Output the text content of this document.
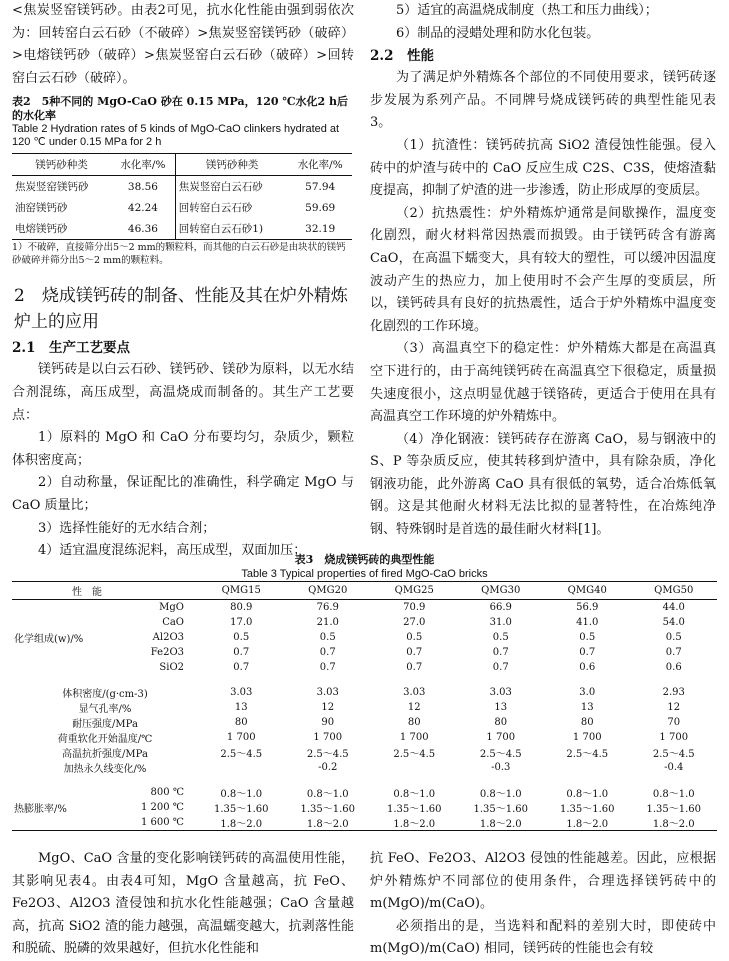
<焦炭竖窑镁钙砂。由表2可见，抗水化性能由强到弱依次为：回转窑白云石砂（不破碎）>焦炭竖窑镁钙砂（破碎）>电熔镁钙砂（破碎）>焦炭竖窑白云石砂（破碎）>回转窑白云石砂（破碎）。

表2　5种不同的 MgO-CaO 砂在 0.15 MPa，120 ℃水化2 h后的水化率
Table 2 Hydration rates of 5 kinds of MgO-CaO clinkers hydrated at 120 ℃ under 0.15 MPa for 2 h
镁钙砂种类	水化率/%	镁钙砂种类	水化率/%
焦炭竖窑镁钙砂	38.56	焦炭竖窑白云石砂	57.94
油窑镁钙砂	42.24	回转窑白云石砂	59.69
电熔镁钙砂	46.36	回转窑白云石砂1)	32.19
1）不破碎，直接筛分出5～2 mm的颗粒料，而其他的白云石砂是由块状的镁钙砂破碎并筛分出5～2 mm的颗粒料。
2　烧成镁钙砖的制备、性能及其在炉外精炼炉上的应用
2.1　生产工艺要点

镁钙砖是以白云石砂、镁钙砂、镁砂为原料，以无水结合剂混练，高压成型，高温烧成而制备的。其生产工艺要点：

1）原料的 MgO 和 CaO 分布要均匀，杂质少，颗粒体积密度高；

2）自动称量，保证配比的准确性，科学确定 MgO 与 CaO 质量比；

3）选择性能好的无水结合剂；

4）适宜温度混练泥料，高压成型，双面加压；

5）适宜的高温烧成制度（热工和压力曲线）；

6）制品的浸蜡处理和防水化包装。

2.2　性能

为了满足炉外精炼各个部位的不同使用要求，镁钙砖逐步发展为系列产品。不同牌号烧成镁钙砖的典型性能见表3。

（1）抗渣性：镁钙砖抗高 SiO2 渣侵蚀性能强。侵入砖中的炉渣与砖中的 CaO 反应生成 C2S、C3S，使熔渣黏度提高，抑制了炉渣的进一步渗透，防止形成厚的变质层。

（2）抗热震性：炉外精炼炉通常是间歇操作，温度变化剧烈，耐火材料常因热震而损毁。由于镁钙砖含有游离 CaO，在高温下蠕变大，具有较大的塑性，可以缓冲因温度波动产生的热应力，加上使用时不会产生厚的变质层，所以，镁钙砖具有良好的抗热震性，适合于炉外精炼中温度变化剧烈的工作环境。

（3）高温真空下的稳定性：炉外精炼大都是在高温真空下进行的，由于高纯镁钙砖在高温真空下很稳定，质量损失速度很小，这点明显优越于镁铬砖，更适合于使用在具有高温真空工作环境的炉外精炼中。

（4）净化钢液：镁钙砖存在游离 CaO，易与钢液中的 S、P 等杂质反应，使其转移到炉渣中，具有除杂质，净化钢液功能，此外游离 CaO 具有很低的氧势，适合冶炼低氧钢。这是其他耐火材料无法比拟的显著特性，在冶炼纯净钢、特殊钢时是首选的最佳耐火材料[1]。

表3　烧成镁钙砖的典型性能
Table 3 Typical properties of fired MgO-CaO bricks
性　能		QMG15	QMG20	QMG25	QMG30	QMG40	QMG50
	MgO	80.9	76.9	70.9	66.9	56.9	44.0
	CaO	17.0	21.0	27.0	31.0	41.0	54.0
化学组成(w)/%	Al2O3	0.5	0.5	0.5	0.5	0.5	0.5
	Fe2O3	0.7	0.7	0.7	0.7	0.7	0.7
	SiO2	0.7	0.7	0.7	0.7	0.6	0.6

体积密度/(g·cm-3)		3.03	3.03	3.03	3.03	3.0	2.93
显气孔率/%		13	12	12	13	13	12
耐压强度/MPa		80	90	80	80	80	70
荷重软化开始温度/℃		1 700	1 700	1 700	1 700	1 700	1 700
高温抗折强度/MPa		2.5～4.5	2.5～4.5	2.5～4.5	2.5～4.5	2.5～4.5	2.5～4.5
加热永久线变化/%			-0.2		-0.3		-0.4

	800 ℃	0.8～1.0	0.8～1.0	0.8～1.0	0.8～1.0	0.8～1.0	0.8～1.0
热膨胀率/%	1 200 ℃	1.35～1.60	1.35～1.60	1.35～1.60	1.35～1.60	1.35～1.60	1.35～1.60
	1 600 ℃	1.8～2.0	1.8～2.0	1.8～2.0	1.8～2.0	1.8～2.0	1.8～2.0

MgO、CaO 含量的变化影响镁钙砖的高温使用性能，其影响见表4。由表4可知，MgO 含量越高，抗 FeO、Fe2O3、Al2O3 渣侵蚀和抗水化性能越强；CaO 含量越高，抗高 SiO2 渣的能力越强，高温蠕变越大，抗剥落性能和脱硫、脱磷的效果越好，但抗水化性能和

抗 FeO、Fe2O3、Al2O3 侵蚀的性能越差。因此，应根据炉外精炼炉不同部位的使用条件，合理选择镁钙砖中的 m(MgO)/m(CaO)。

必须指出的是，当选料和配料的差别大时，即使砖中 m(MgO)/m(CaO) 相同，镁钙砖的性能也会有较
